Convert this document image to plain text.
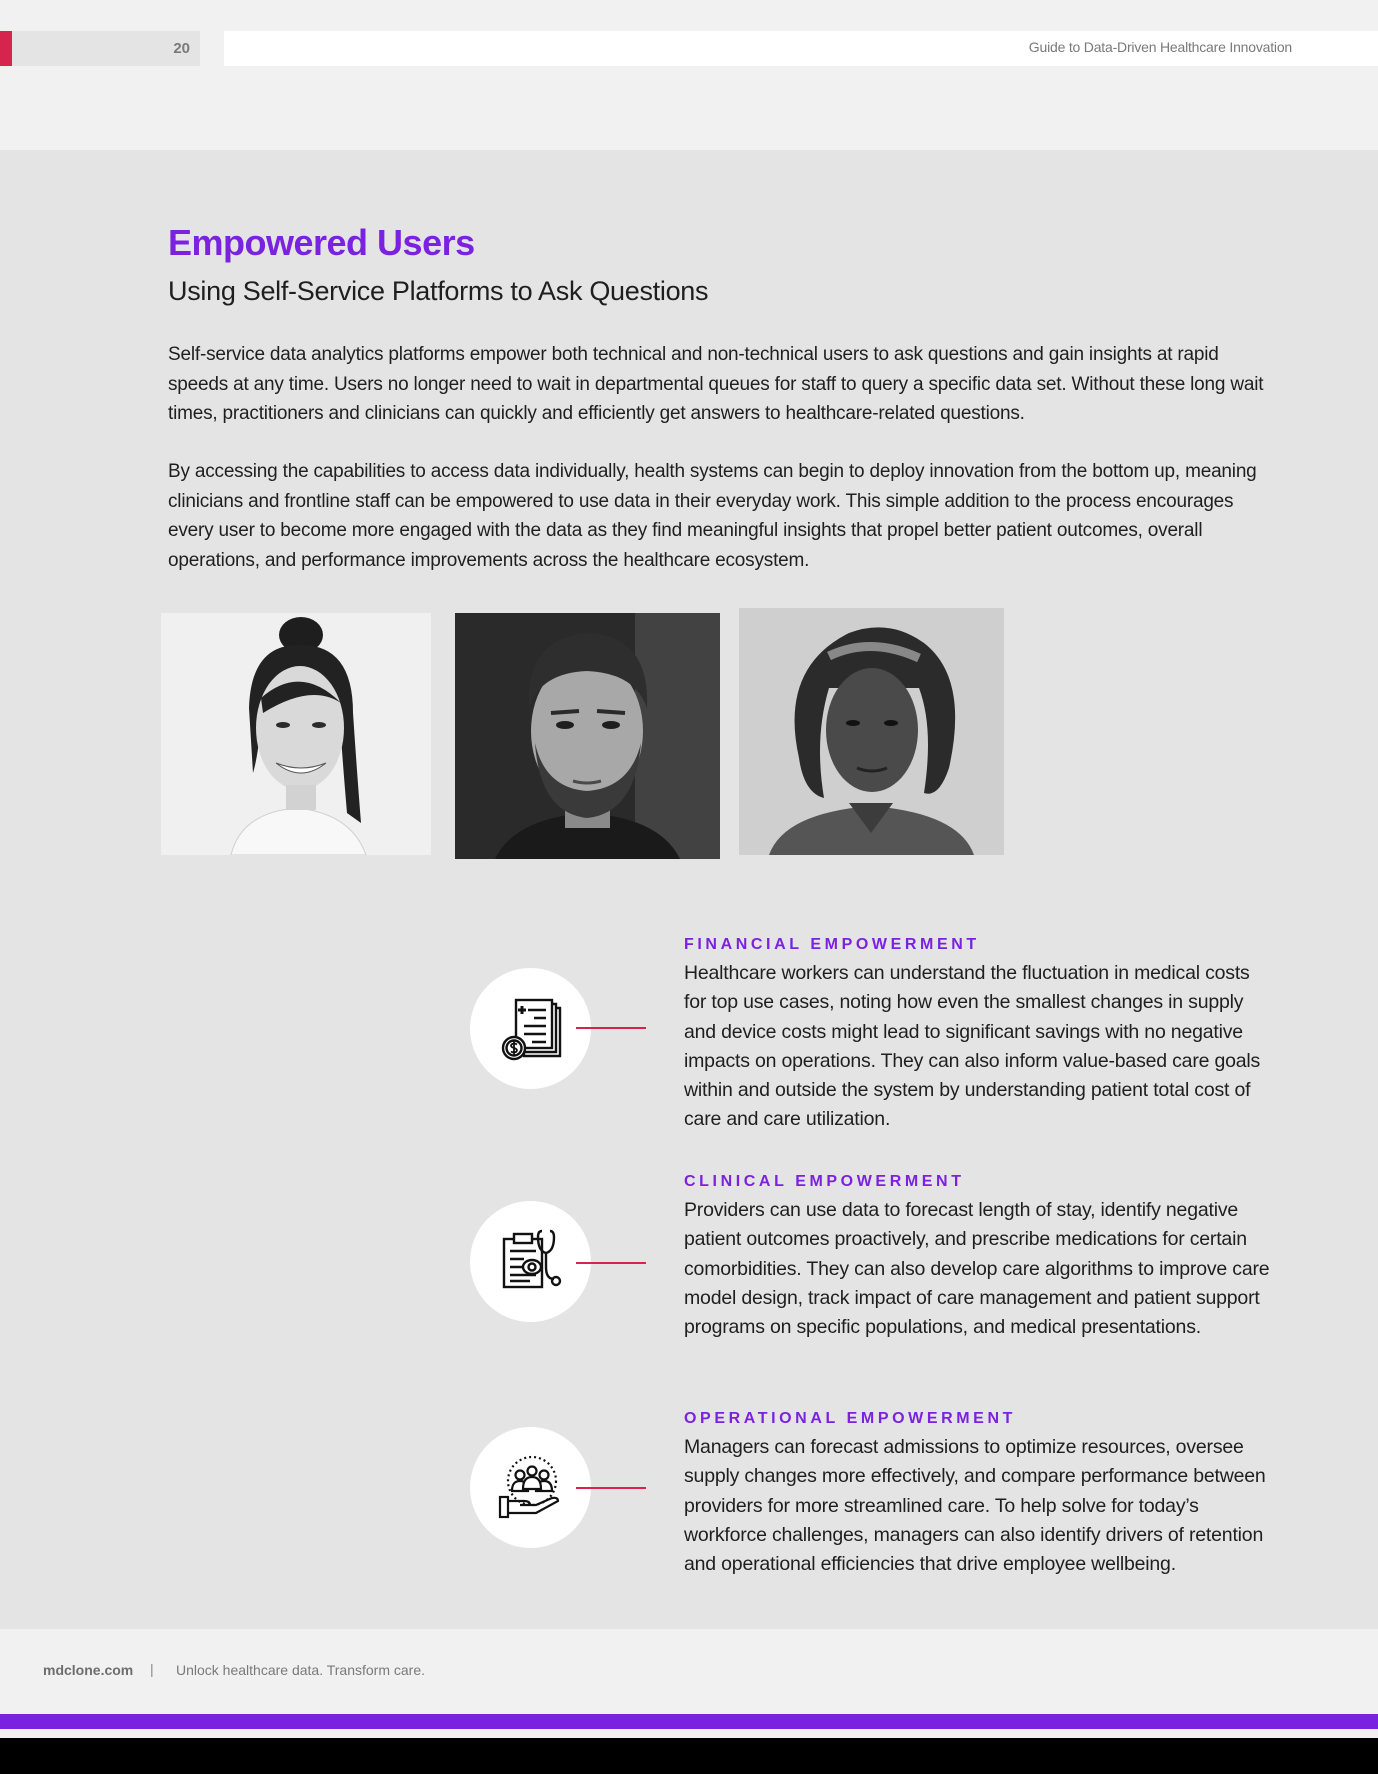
20	Guide to Data-Driven Healthcare Innovation
Empowered Users
Using Self-Service Platforms to Ask Questions
Self-service data analytics platforms empower both technical and non-technical users to ask questions and gain insights at rapid speeds at any time. Users no longer need to wait in departmental queues for staff to query a specific data set. Without these long wait times, practitioners and clinicians can quickly and efficiently get answers to healthcare-related questions.
By accessing the capabilities to access data individually, health systems can begin to deploy innovation from the bottom up, meaning clinicians and frontline staff can be empowered to use data in their everyday work. This simple addition to the process encourages every user to become more engaged with the data as they find meaningful insights that propel better patient outcomes, overall operations, and performance improvements across the healthcare ecosystem.
FINANCIAL EMPOWERMENT
Healthcare workers can understand the fluctuation in medical costs for top use cases, noting how even the smallest changes in supply and device costs might lead to significant savings with no negative impacts on operations. They can also inform value-based care goals within and outside the system by understanding patient total cost of care and care utilization.
CLINICAL EMPOWERMENT
Providers can use data to forecast length of stay, identify negative patient outcomes proactively, and prescribe medications for certain comorbidities. They can also develop care algorithms to improve care model design, track impact of care management and patient support programs on specific populations, and medical presentations.
OPERATIONAL EMPOWERMENT
Managers can forecast admissions to optimize resources, oversee supply changes more effectively, and compare performance between providers for more streamlined care. To help solve for today’s workforce challenges, managers can also identify drivers of retention and operational efficiencies that drive employee wellbeing.
mdclone.com | Unlock healthcare data. Transform care.
